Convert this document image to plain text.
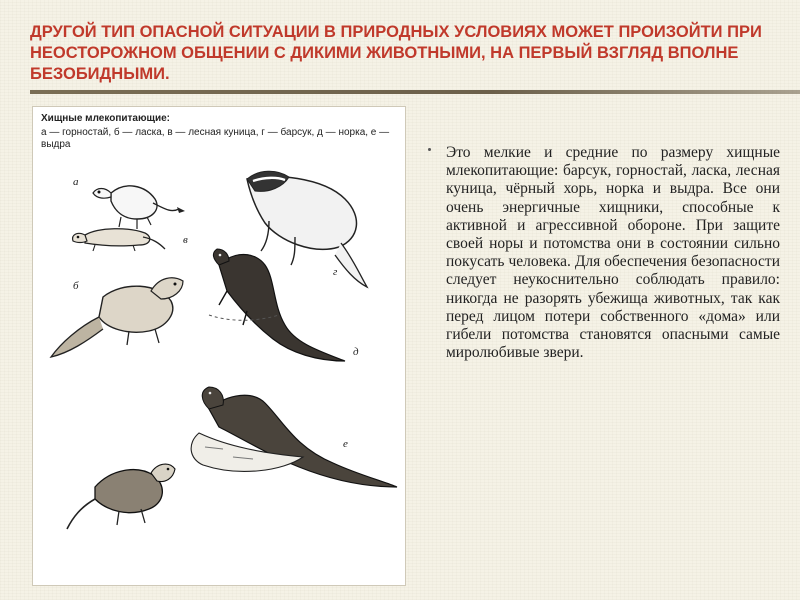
ДРУГОЙ ТИП ОПАСНОЙ СИТУАЦИИ В ПРИРОДНЫХ УСЛОВИЯХ МОЖЕТ ПРОИЗОЙТИ ПРИ НЕОСТОРОЖНОМ ОБЩЕНИИ С ДИКИМИ ЖИВОТНЫМИ, НА ПЕРВЫЙ ВЗГЛЯД ВПОЛНЕ БЕЗОБИДНЫМИ.
Хищные млекопитающие:
а — горностай, б — ласка, в — лесная куница, г — барсук, д — норка, е — выдра
а
б
в
г
д
е

Это мелкие и средние по размеру хищные млекопитающие: барсук, горностай, ласка, лесная куница, чёрный хорь, норка и выдра. Все они очень энергичные хищники, способные к активной и агрессивной обороне. При защите своей норы и потомства они в состоянии сильно покусать человека. Для обеспечения безопасности следует неукоснительно соблюдать правило: никогда не разорять убежища животных, так как перед лицом потери собственного «дома» или гибели потомства становятся опасными самые миролюбивые звери.
